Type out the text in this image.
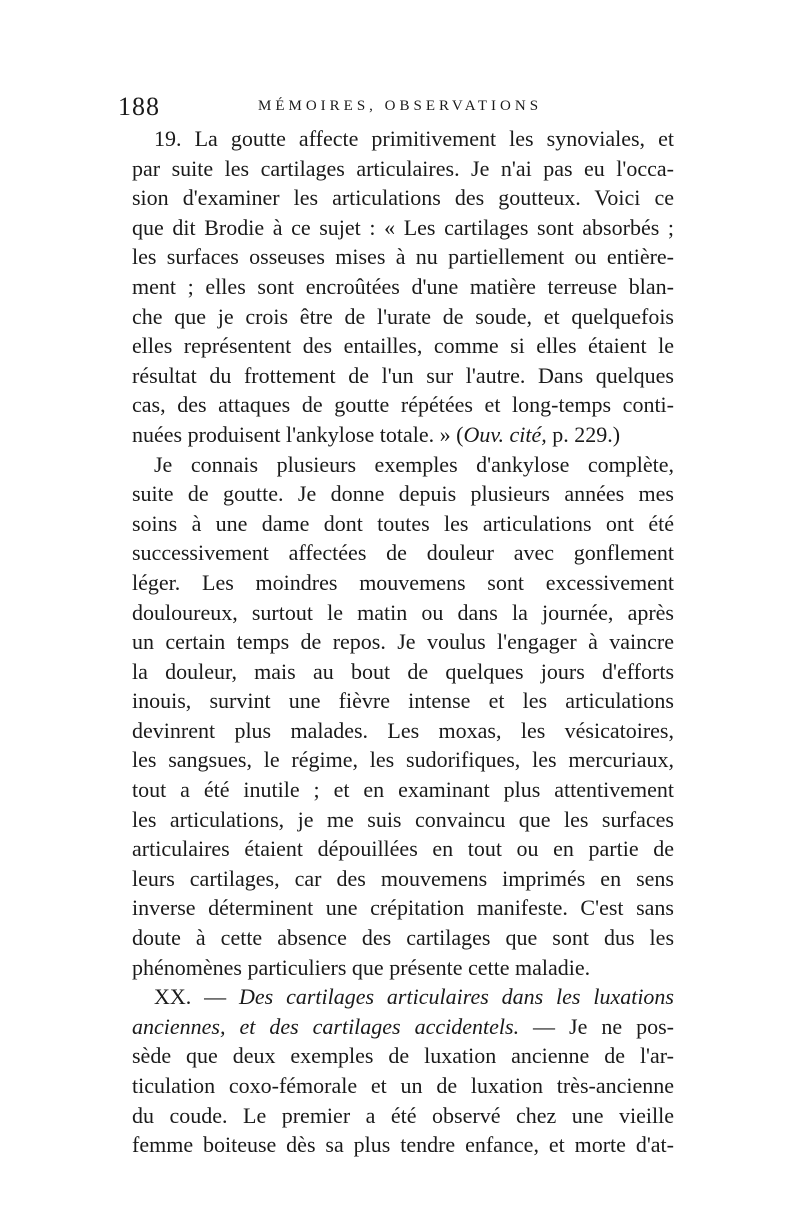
188	MÉMOIRES, OBSERVATIONS
19. La goutte affecte primitivement les synoviales, et
par suite les cartilages articulaires. Je n'ai pas eu l'occa-
sion d'examiner les articulations des goutteux. Voici ce
que dit Brodie à ce sujet : « Les cartilages sont absorbés ;
les surfaces osseuses mises à nu partiellement ou entière-
ment ; elles sont encroûtées d'une matière terreuse blan-
che que je crois être de l'urate de soude, et quelquefois
elles représentent des entailles, comme si elles étaient le
résultat du frottement de l'un sur l'autre. Dans quelques
cas, des attaques de goutte répétées et long-temps conti-
nuées produisent l'ankylose totale. » (Ouv. cité, p. 229.)
Je connais plusieurs exemples d'ankylose complète,
suite de goutte. Je donne depuis plusieurs années mes
soins à une dame dont toutes les articulations ont été
successivement affectées de douleur avec gonflement
léger. Les moindres mouvemens sont excessivement
douloureux, surtout le matin ou dans la journée, après
un certain temps de repos. Je voulus l'engager à vaincre
la douleur, mais au bout de quelques jours d'efforts
inouis, survint une fièvre intense et les articulations
devinrent plus malades. Les moxas, les vésicatoires,
les sangsues, le régime, les sudorifiques, les mercuriaux,
tout a été inutile ; et en examinant plus attentivement
les articulations, je me suis convaincu que les surfaces
articulaires étaient dépouillées en tout ou en partie de
leurs cartilages, car des mouvemens imprimés en sens
inverse déterminent une crépitation manifeste. C'est sans
doute à cette absence des cartilages que sont dus les
phénomènes particuliers que présente cette maladie.
XX. — Des cartilages articulaires dans les luxations
anciennes, et des cartilages accidentels. — Je ne pos-
sède que deux exemples de luxation ancienne de l'ar-
ticulation coxo-fémorale et un de luxation très-ancienne
du coude. Le premier a été observé chez une vieille
femme boiteuse dès sa plus tendre enfance, et morte d'at-
